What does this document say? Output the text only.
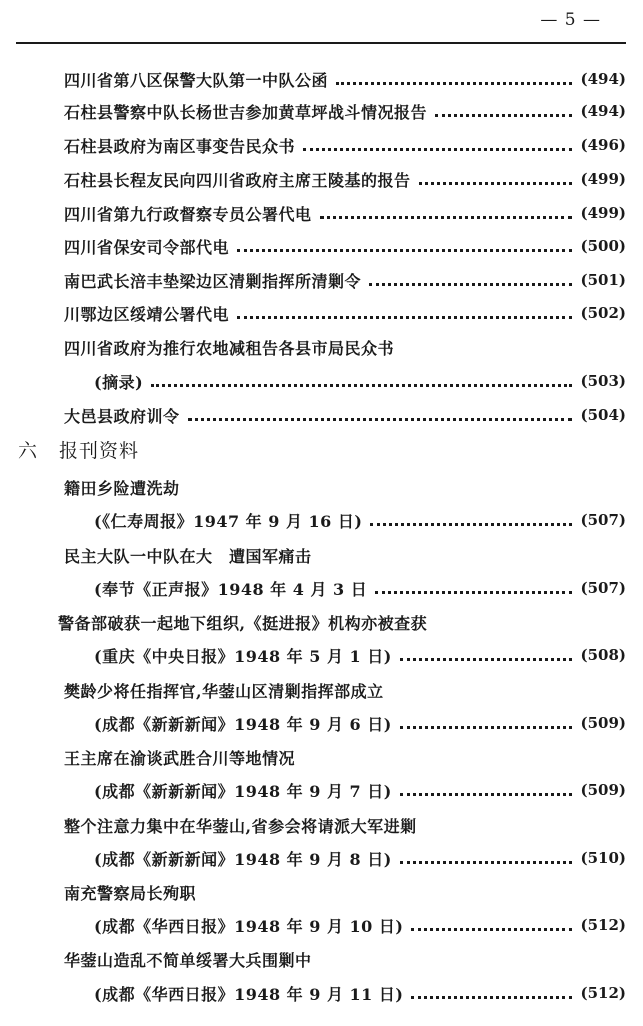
— 5 —
四川省第八区保警大队第一中队公函	(494)
石柱县警察中队长杨世吉参加黄草坪战斗情况报告	(494)
石柱县政府为南区事变告民众书	(496)
石柱县长程友民向四川省政府主席王陵基的报告	(499)
四川省第九行政督察专员公署代电	(499)
四川省保安司令部代电	(500)
南巴武长涪丰垫梁边区清剿指挥所清剿令	(501)
川鄂边区绥靖公署代电	(502)
四川省政府为推行农地减租告各县市局民众书
(摘录)	(503)
大邑县政府训令	(504)
六 报刊资料
籍田乡险遭洗劫
(《仁寿周报》1947 年 9 月 16 日)	(507)
民主大队一中队在大　遭国军痛击
(奉节《正声报》1948 年 4 月 3 日	(507)
警备部破获一起地下组织,《挺进报》机构亦被查获
(重庆《中央日报》1948 年 5 月 1 日)	(508)
樊龄少将任指挥官,华蓥山区清剿指挥部成立
(成都《新新新闻》1948 年 9 月 6 日)	(509)
王主席在渝谈武胜合川等地情况
(成都《新新新闻》1948 年 9 月 7 日)	(509)
整个注意力集中在华蓥山,省参会将请派大军进剿
(成都《新新新闻》1948 年 9 月 8 日)	(510)
南充警察局长殉职
(成都《华西日报》1948 年 9 月 10 日)	(512)
华蓥山造乱不简单绥署大兵围剿中
(成都《华西日报》1948 年 9 月 11 日)	(512)
